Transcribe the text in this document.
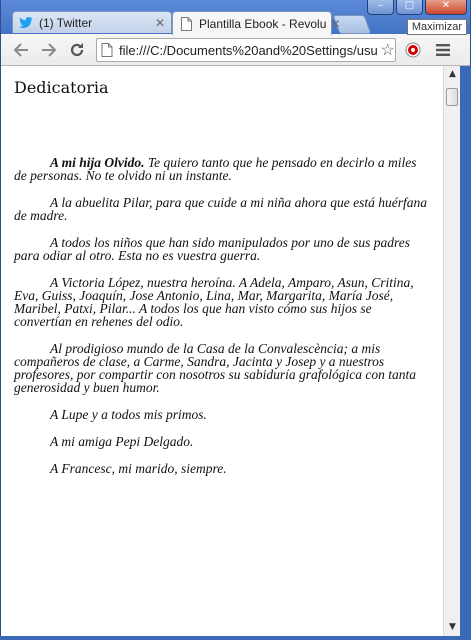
–	□	✕
Maximizar
(1) Twitter	✕	Plantilla Ebook - Revolu ✕
file:///C:/Documents%20and%20Settings/usu ☆
Dedicatoria

A mi hija Olvido. Te quiero tanto que he pensado en decirlo a miles de personas. No te olvido ni un instante.

A la abuelita Pilar, para que cuide a mi niña ahora que está huérfana de madre.

A todos los niños que han sido manipulados por uno de sus padres para odiar al otro. Esta no es vuestra guerra.

A Victoria López, nuestra heroína. A Adela, Amparo, Asun, Critina, Eva, Guiss, Joaquín, Jose Antonio, Lina, Mar, Margarita, María José, Maribel, Patxi, Pilar... A todos los que han visto cómo sus hijos se convertían en rehenes del odio.

Al prodigioso mundo de la Casa de la Convalescència; a mis compañeros de clase, a Carme, Sandra, Jacinta y Josep y a nuestros profesores, por compartir con nosotros su sabiduría grafológica con tanta generosidad y buen humor.

A Lupe y a todos mis primos.

A mi amiga Pepi Delgado.

A Francesc, mi marido, siempre.

▲
▼
